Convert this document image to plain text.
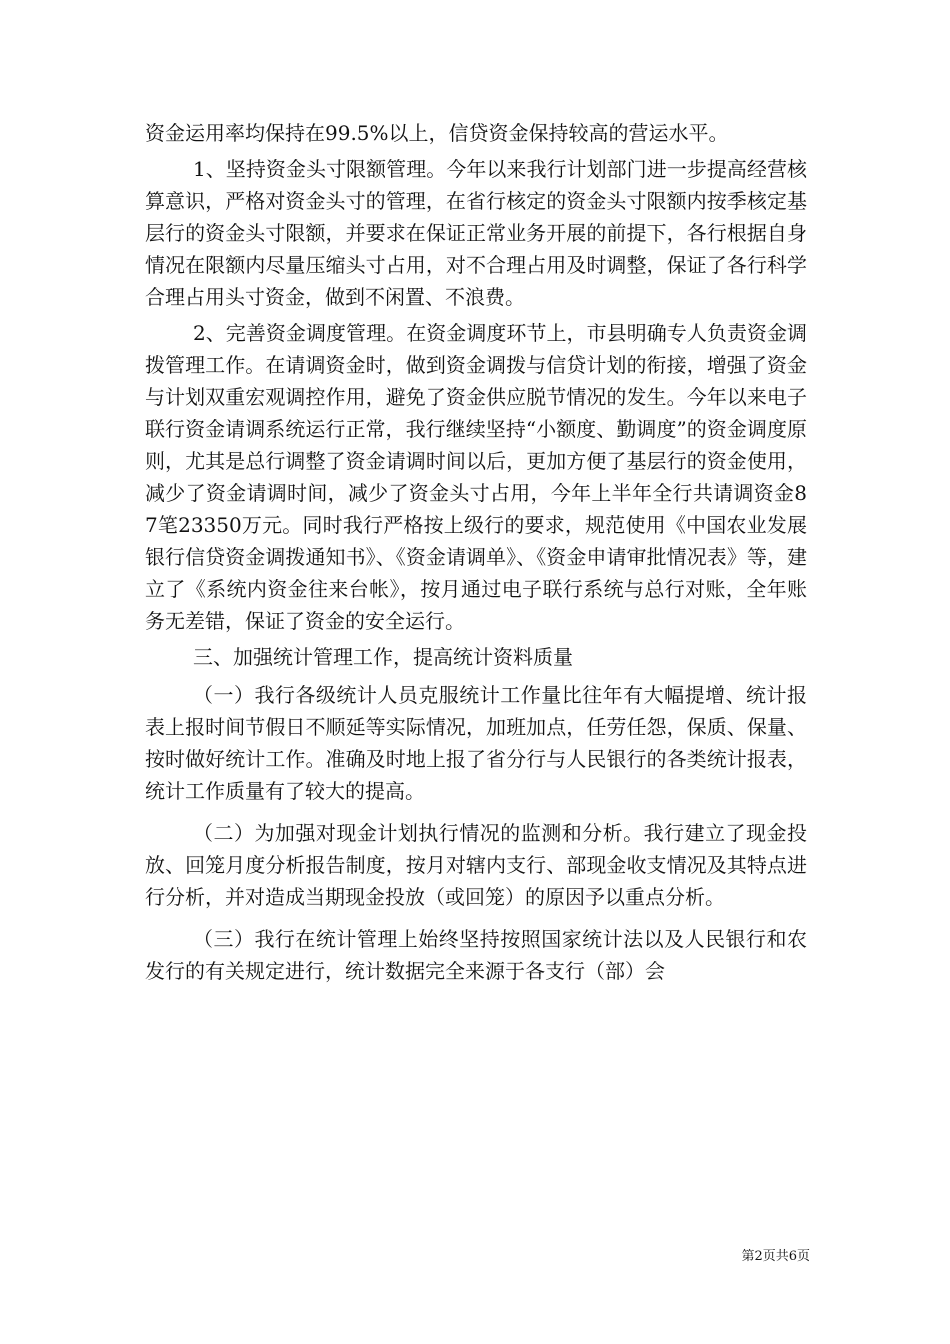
资金运用率均保持在99.5%以上，信贷资金保持较高的营运水平。

1、坚持资金头寸限额管理。今年以来我行计划部门进一步提高经营核算意识，严格对资金头寸的管理，在省行核定的资金头寸限额内按季核定基层行的资金头寸限额，并要求在保证正常业务开展的前提下，各行根据自身情况在限额内尽量压缩头寸占用，对不合理占用及时调整，保证了各行科学合理占用头寸资金，做到不闲置、不浪费。

2、完善资金调度管理。在资金调度环节上，市县明确专人负责资金调拨管理工作。在请调资金时，做到资金调拨与信贷计划的衔接，增强了资金与计划双重宏观调控作用，避免了资金供应脱节情况的发生。今年以来电子联行资金请调系统运行正常，我行继续坚持“小额度、勤调度”的资金调度原则，尤其是总行调整了资金请调时间以后，更加方便了基层行的资金使用，减少了资金请调时间，减少了资金头寸占用，今年上半年全行共请调资金87笔23350万元。同时我行严格按上级行的要求，规范使用《中国农业发展银行信贷资金调拨通知书》、《资金请调单》、《资金申请审批情况表》等，建立了《系统内资金往来台帐》，按月通过电子联行系统与总行对账，全年账务无差错，保证了资金的安全运行。

三、加强统计管理工作，提高统计资料质量

（一）我行各级统计人员克服统计工作量比往年有大幅提增、统计报表上报时间节假日不顺延等实际情况，加班加点，任劳任怨，保质、保量、按时做好统计工作。准确及时地上报了省分行与人民银行的各类统计报表，统计工作质量有了较大的提高。

（二）为加强对现金计划执行情况的监测和分析。我行建立了现金投放、回笼月度分析报告制度，按月对辖内支行、部现金收支情况及其特点进行分析，并对造成当期现金投放（或回笼）的原因予以重点分析。

（三）我行在统计管理上始终坚持按照国家统计法以及人民银行和农发行的有关规定进行，统计数据完全来源于各支行（部）会

第2页共6页
